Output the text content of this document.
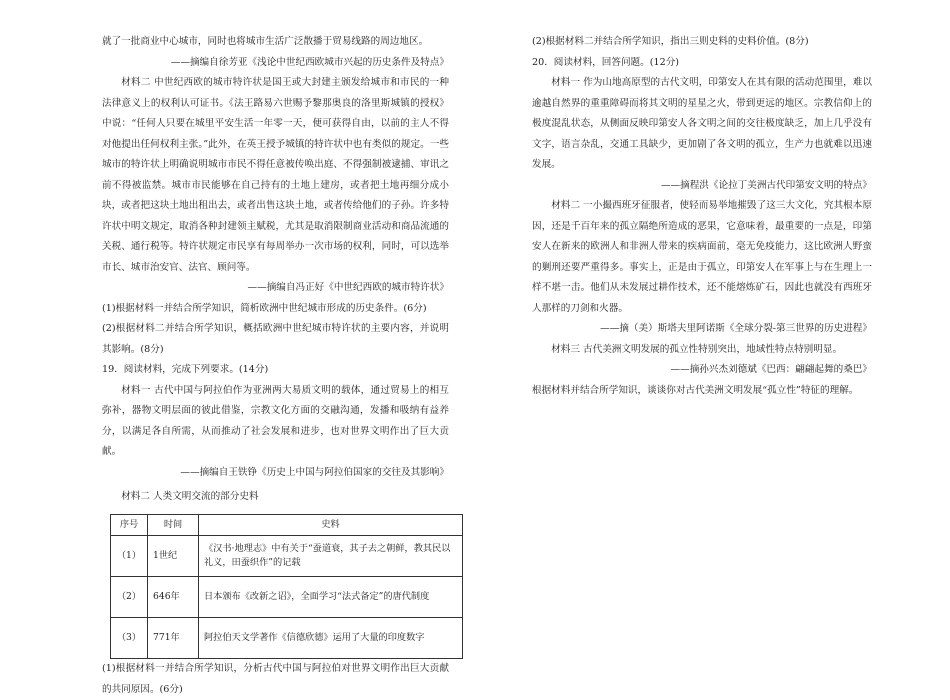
就了一批商业中心城市，同时也将城市生活广泛散播于贸易线路的周边地区。

——摘编自徐芳亚《浅论中世纪西欧城市兴起的历史条件及特点》

材料二 中世纪西欧的城市特许状是国王或大封建主颁发给城市和市民的一种法律意义上的权利认可证书。《法王路易六世赐予黎那奥良的洛里斯城镇的授权》中说：“任何人只要在城里平安生活一年零一天，便可获得自由，以前的主人不得对他提出任何权利主张。”此外，在英王授予城镇的特许状中也有类似的规定。一些城市的特许状上明确说明城市市民不得任意被传唤出庭、不得强制被逮捕、审讯之前不得被监禁。城市市民能够在自己持有的土地上建房，或者把土地再细分成小块，或者把这块土地出租出去，或者出售这块土地，或者传给他们的子孙。许多特许状中明文规定，取消各种封建领主赋税，尤其是取消限制商业活动和商品流通的关税、通行税等。特许状规定市民享有每周举办一次市场的权利，同时，可以选举市长、城市治安官、法官、顾问等。

——摘编自冯正好《中世纪西欧的城市特许状》

(1)根据材料一并结合所学知识，简析欧洲中世纪城市形成的历史条件。(6分)

(2)根据材料二并结合所学知识，概括欧洲中世纪城市特许状的主要内容，并说明其影响。(8分)

19．阅读材料，完成下列要求。(14分)

材料一 古代中国与阿拉伯作为亚洲两大易质文明的载体，通过贸易上的相互弥补，器物文明层面的彼此借鉴，宗教文化方面的交融沟通，发播和吸纳有益养分，以满足各自所需，从而推动了社会发展和进步，也对世界文明作出了巨大贡献。

——摘编自王铁铮《历史上中国与阿拉伯国家的交往及其影响》

材料二 人类文明交流的部分史料

序号	时间	史料
（1）	1世纪	《汉书·地理志》中有关于“蚕道衰，其子去之朝鲜，教其民以礼义，田蚕织作”的记载
（2）	646年	日本颁布《改新之诏》，全面学习“法式备定”的唐代制度
（3）	771年	阿拉伯天文学著作《信德欣德》运用了大量的印度数字

(1)根据材料一并结合所学知识，分析古代中国与阿拉伯对世界文明作出巨大贡献的共同原因。(6分)

(2)根据材料二并结合所学知识，指出三则史料的史料价值。(8分)

20．阅读材料，回答问题。(12分)

材料一 作为山地高原型的古代文明，印第安人在其有限的活动范围里，难以逾越自然界的重重障碍而将其文明的星星之火，带到更远的地区。宗教信仰上的极度混乱状态，从侧面反映印第安人各文明之间的交往极度缺乏，加上几乎没有文字，语言杂乱，交通工具缺少，更加剧了各文明的孤立，生产力也就难以迅速发展。

——摘程洪《论拉丁美洲古代印第安文明的特点》

材料二 一小撮西班牙征服者，使轻而易举地摧毁了这三大文化，究其根本原因，还是千百年来的孤立隔绝所造成的恶果，它意味着，最重要的一点是，印第安人在新来的欧洲人和非洲人带来的疾病面前，毫无免疫能力，这比欧洲人野蛮的剿刑还要严重得多。事实上，正是由于孤立，印第安人在军事上与在生理上一样不堪一击。他们从未发展过耕作技术，还不能熔炼矿石，因此也就没有西班牙人那样的刀剑和火器。

——摘（美）斯塔夫里阿诺斯《全球分裂-第三世界的历史进程》

材料三 古代美洲文明发展的孤立性特别突出，地域性特点特别明显。

——摘孙兴杰刘德斌《巴西：翩翩起舞的桑巴》

根据材料并结合所学知识，谈谈你对古代美洲文明发展“孤立性”特征的理解。
